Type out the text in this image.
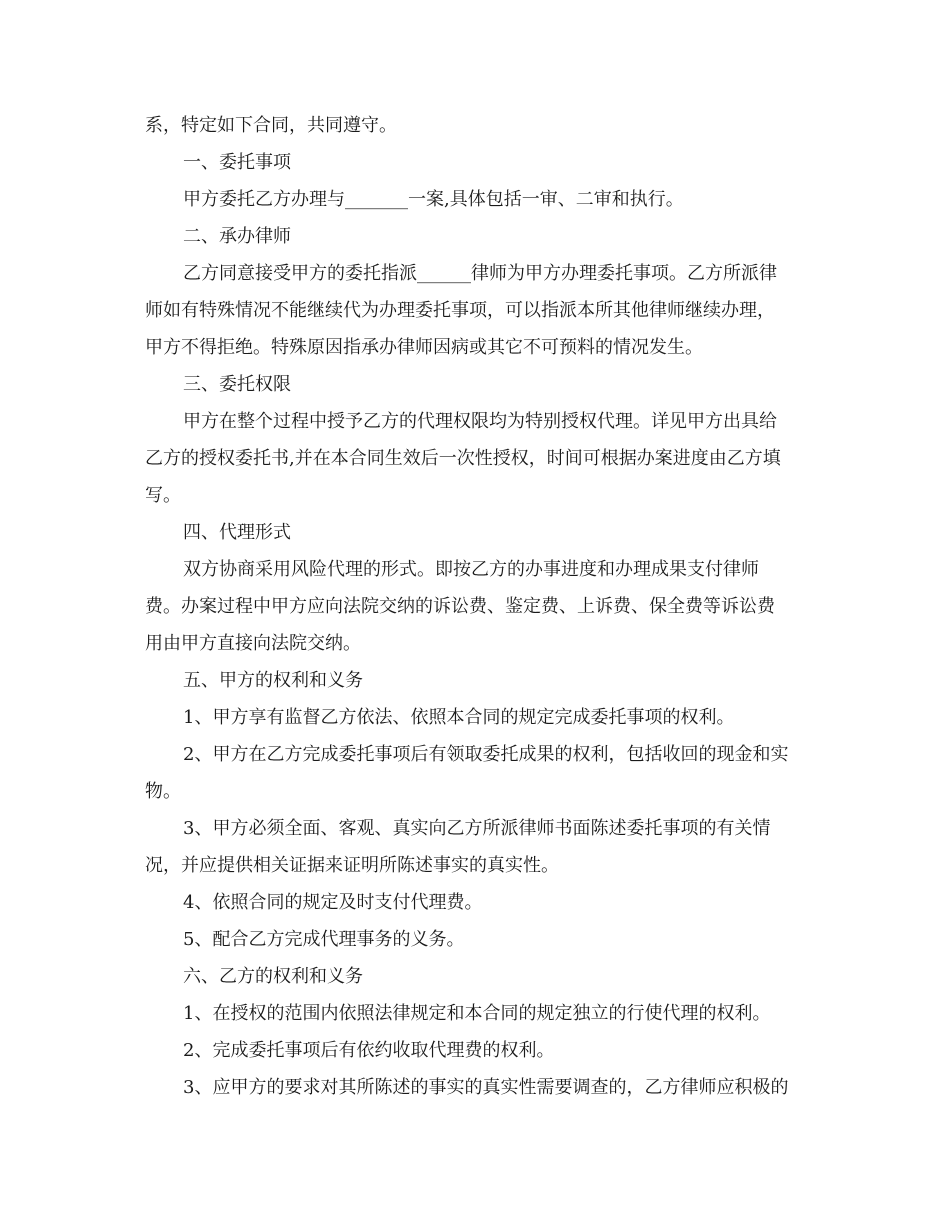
系，特定如下合同，共同遵守。

一、委托事项

甲方委托乙方办理与_______一案,具体包括一审、二审和执行。

二、承办律师

乙方同意接受甲方的委托指派______律师为甲方办理委托事项。乙方所派律

师如有特殊情况不能继续代为办理委托事项，可以指派本所其他律师继续办理，

甲方不得拒绝。特殊原因指承办律师因病或其它不可预料的情况发生。

三、委托权限

甲方在整个过程中授予乙方的代理权限均为特别授权代理。详见甲方出具给

乙方的授权委托书,并在本合同生效后一次性授权，时间可根据办案进度由乙方填

写。

四、代理形式

双方协商采用风险代理的形式。即按乙方的办事进度和办理成果支付律师

费。办案过程中甲方应向法院交纳的诉讼费、鉴定费、上诉费、保全费等诉讼费

用由甲方直接向法院交纳。

五、甲方的权利和义务

1、甲方享有监督乙方依法、依照本合同的规定完成委托事项的权利。

2、甲方在乙方完成委托事项后有领取委托成果的权利，包括收回的现金和实

物。

3、甲方必须全面、客观、真实向乙方所派律师书面陈述委托事项的有关情

况，并应提供相关证据来证明所陈述事实的真实性。

4、依照合同的规定及时支付代理费。

5、配合乙方完成代理事务的义务。

六、乙方的权利和义务

1、在授权的范围内依照法律规定和本合同的规定独立的行使代理的权利。

2、完成委托事项后有依约收取代理费的权利。

3、应甲方的要求对其所陈述的事实的真实性需要调查的，乙方律师应积极的
